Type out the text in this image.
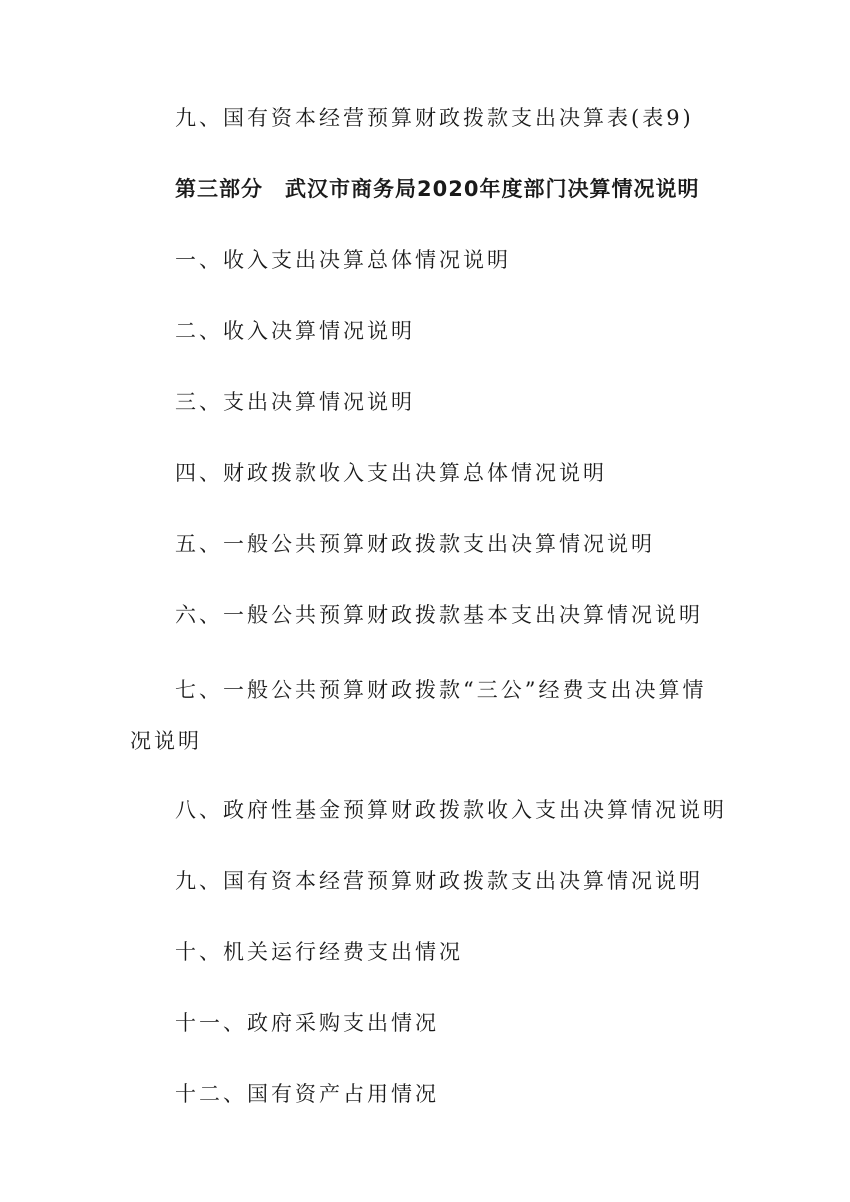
九、国有资本经营预算财政拨款支出决算表(表9)
第三部分 武汉市商务局2020年度部门决算情况说明
一、收入支出决算总体情况说明
二、收入决算情况说明
三、支出决算情况说明
四、财政拨款收入支出决算总体情况说明
五、一般公共预算财政拨款支出决算情况说明
六、一般公共预算财政拨款基本支出决算情况说明
七、一般公共预算财政拨款“三公”经费支出决算情
况说明
八、政府性基金预算财政拨款收入支出决算情况说明
九、国有资本经营预算财政拨款支出决算情况说明
十、机关运行经费支出情况
十一、政府采购支出情况
十二、国有资产占用情况
